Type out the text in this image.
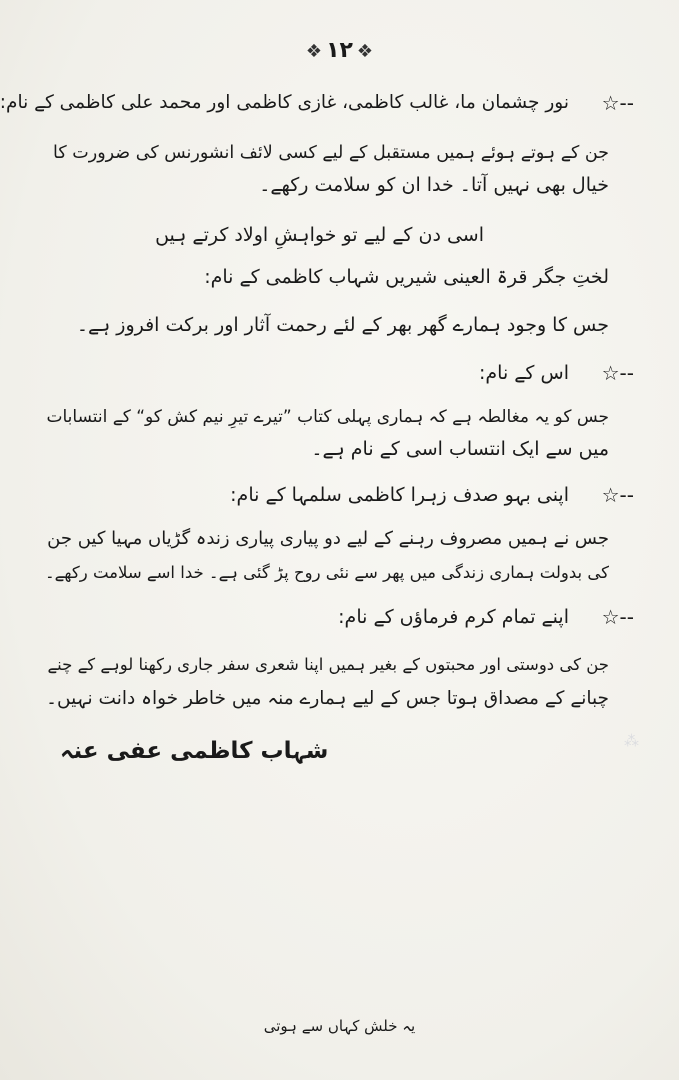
⁂
❖ ۱۲ ❖
☆--
نور چشمان ما، غالب کاظمی، غازی کاظمی اور محمد علی کاظمی کے نام:
جن کے ہوتے ہوئے ہمیں مستقبل کے لیے کسی لائف انشورنس کی ضرورت کا
خیال بھی نہیں آتا۔ خدا ان کو سلامت رکھے۔
اسی دن کے لیے تو خواہشِ اولاد کرتے ہیں
لختِ جگر قرۃ العینی شیریں شہاب کاظمی کے نام:
جس کا وجود ہمارے گھر بھر کے لئے رحمت آثار اور برکت افروز ہے۔
☆--
اس کے نام:
جس کو یہ مغالطہ ہے کہ ہماری پہلی کتاب ”تیرے تیرِ نیم کش کو“ کے انتسابات
میں سے ایک انتساب اسی کے نام ہے۔
☆--
اپنی بہو صدف زہرا کاظمی سلمہا کے نام:
جس نے ہمیں مصروف رہنے کے لیے دو پیاری پیاری زندہ گڑیاں مہیا کیں جن
کی بدولت ہماری زندگی میں پھر سے نئی روح پڑ گئی ہے۔ خدا اسے سلامت رکھے۔
☆--
اپنے تمام کرم فرماؤں کے نام:
جن کی دوستی اور محبتوں کے بغیر ہمیں اپنا شعری سفر جاری رکھنا لوہے کے چنے
چبانے کے مصداق ہوتا جس کے لیے ہمارے منہ میں خاطر خواہ دانت نہیں۔
شہاب کاظمی عفی عنہ
یہ خلش کہاں سے ہوتی
